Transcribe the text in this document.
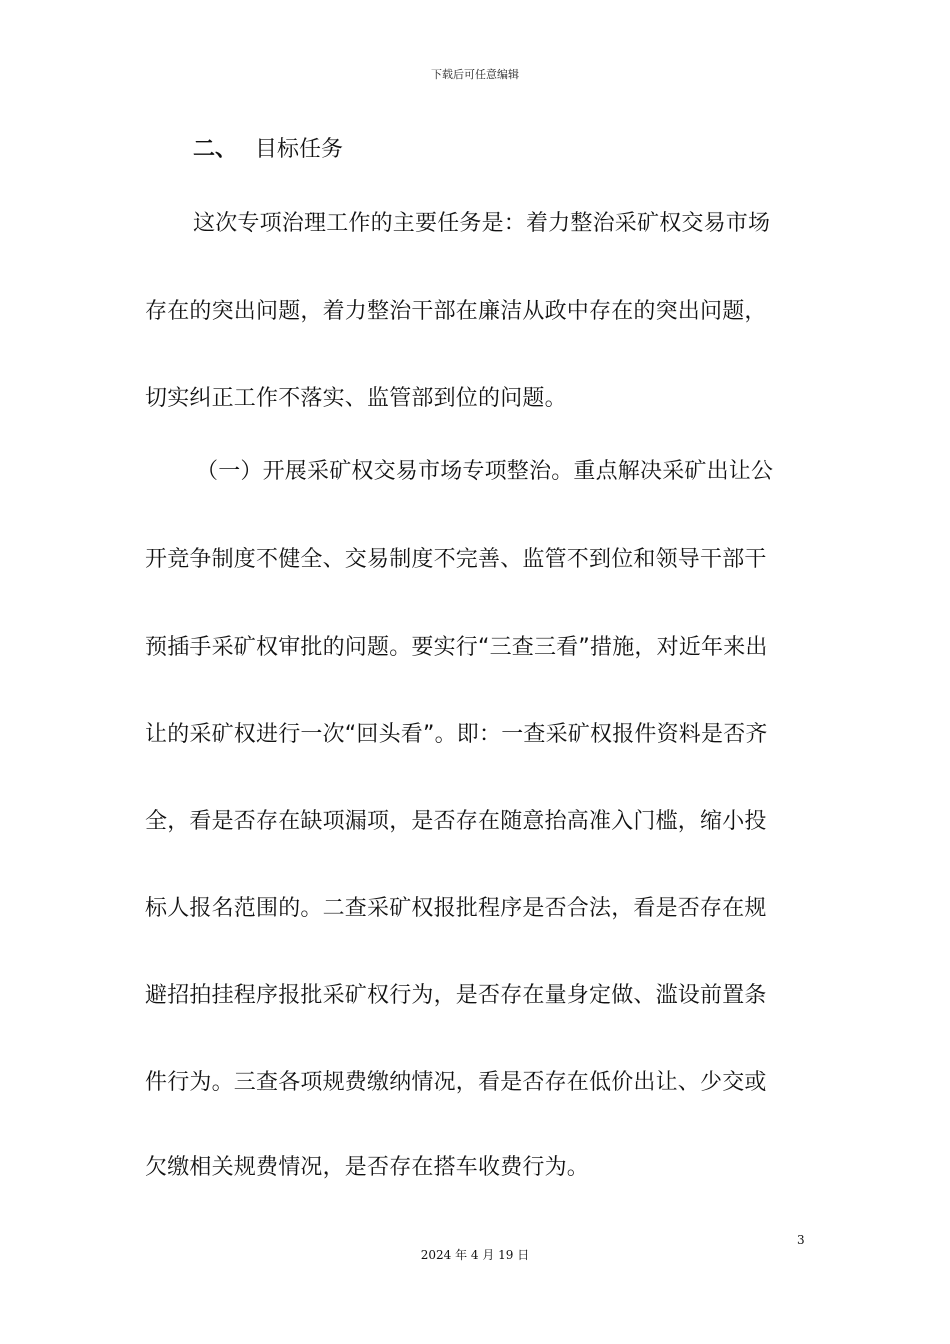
下载后可任意编辑
二、 目标任务
这次专项治理工作的主要任务是：着力整治采矿权交易市场
存在的突出问题，着力整治干部在廉洁从政中存在的突出问题，
切实纠正工作不落实、监管部到位的问题。
（一）开展采矿权交易市场专项整治。重点解决采矿出让公
开竞争制度不健全、交易制度不完善、监管不到位和领导干部干
预插手采矿权审批的问题。要实行“三查三看”措施，对近年来出
让的采矿权进行一次“回头看”。即：一查采矿权报件资料是否齐
全，看是否存在缺项漏项，是否存在随意抬高准入门槛，缩小投
标人报名范围的。二查采矿权报批程序是否合法，看是否存在规
避招拍挂程序报批采矿权行为，是否存在量身定做、滥设前置条
件行为。三查各项规费缴纳情况，看是否存在低价出让、少交或
欠缴相关规费情况，是否存在搭车收费行为。
3
2024 年 4 月 19 日
